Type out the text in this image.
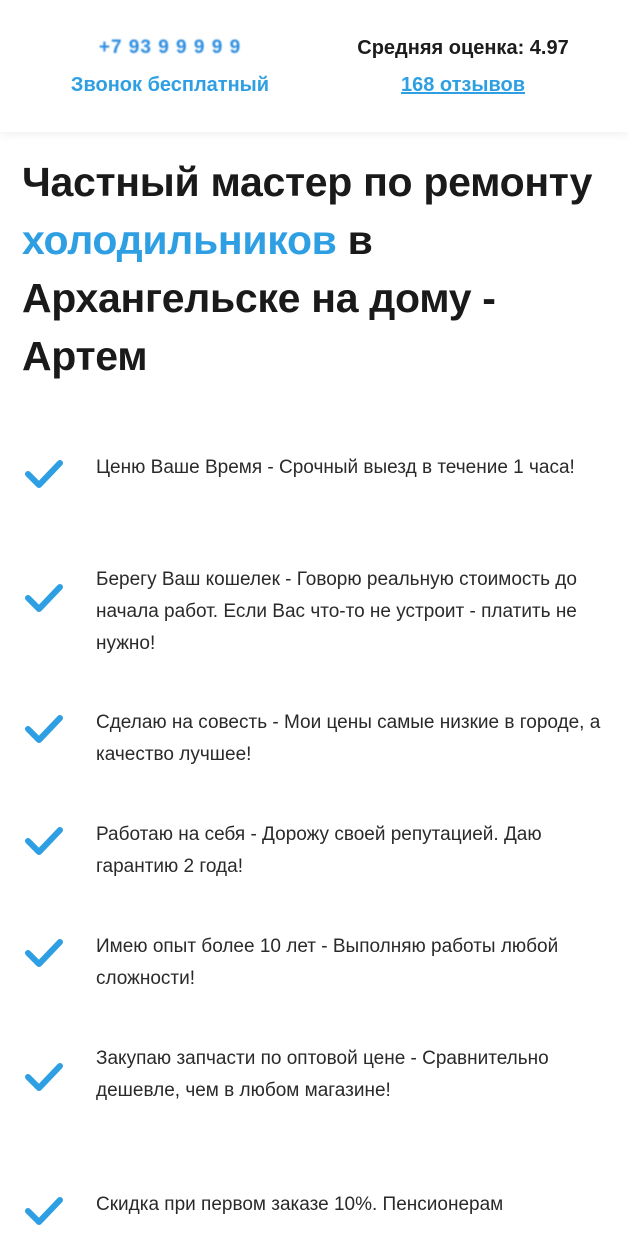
+7 93 9 9 9 9 9
Звонок бесплатный
Средняя оценка: 4.97
168 отзывов
Частный мастер по ремонту холодильников в Архангельске на дому - Артем
Ценю Ваше Время - Срочный выезд в течение 1 часа!
Берегу Ваш кошелек - Говорю реальную стоимость до начала работ. Если Вас что-то не устроит - платить не нужно!
Сделаю на совесть - Мои цены самые низкие в городе, а качество лучшее!
Работаю на себя - Дорожу своей репутацией. Даю гарантию 2 года!
Имею опыт более 10 лет - Выполняю работы любой сложности!
Закупаю запчасти по оптовой цене - Сравнительно дешевле, чем в любом магазине!
Скидка при первом заказе 10%. Пенсионерам
